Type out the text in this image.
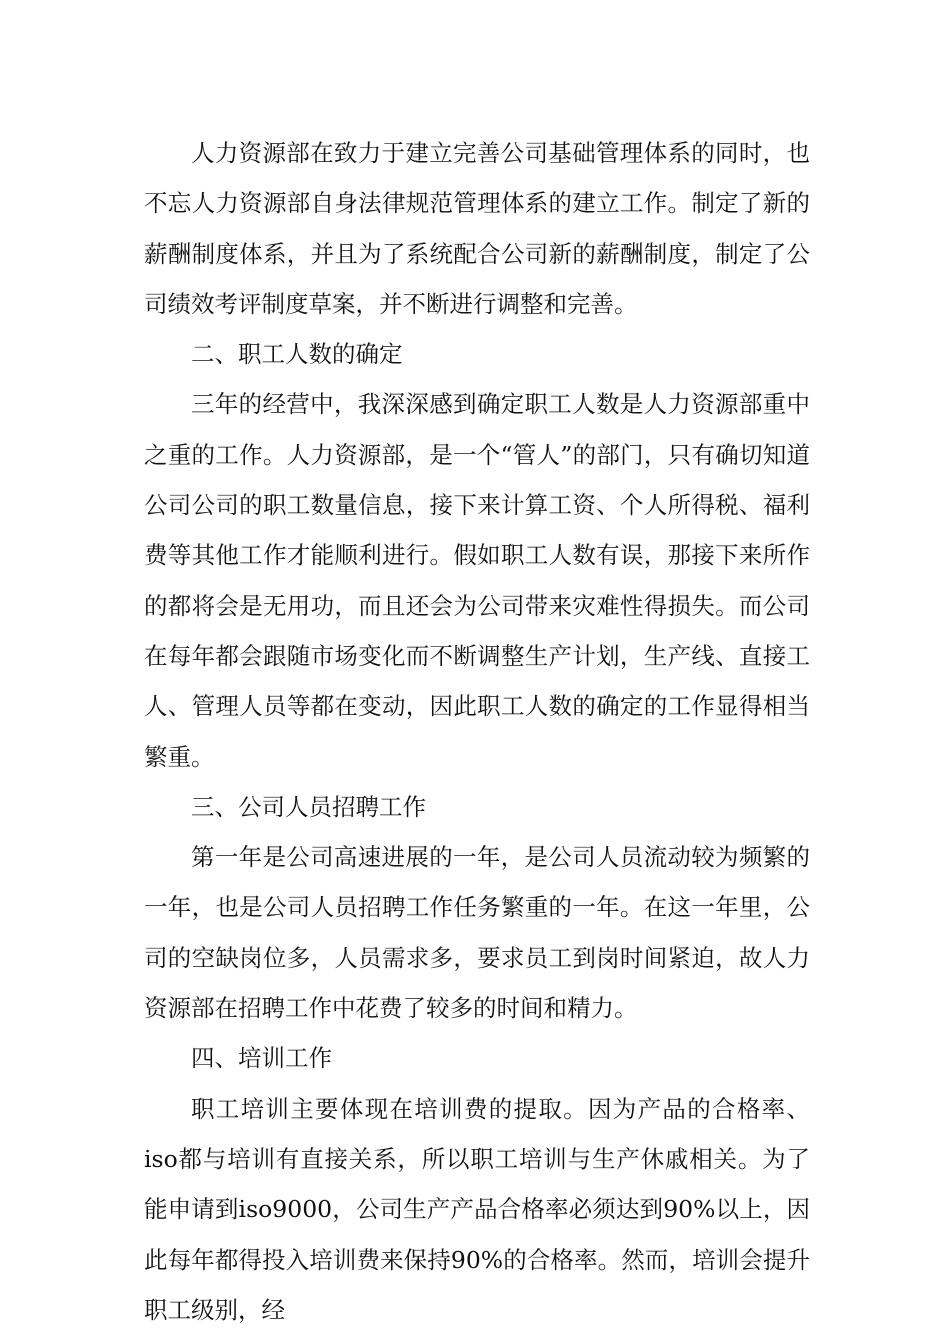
人力资源部在致力于建立完善公司基础管理体系的同时，也不忘人力资源部自身法律规范管理体系的建立工作。制定了新的薪酬制度体系，并且为了系统配合公司新的薪酬制度，制定了公司绩效考评制度草案，并不断进行调整和完善。

二、职工人数的确定

三年的经营中，我深深感到确定职工人数是人力资源部重中之重的工作。人力资源部，是一个“管人”的部门，只有确切知道公司公司的职工数量信息，接下来计算工资、个人所得税、福利费等其他工作才能顺利进行。假如职工人数有误，那接下来所作的都将会是无用功，而且还会为公司带来灾难性得损失。而公司在每年都会跟随市场变化而不断调整生产计划，生产线、直接工人、管理人员等都在变动，因此职工人数的确定的工作显得相当繁重。

三、公司人员招聘工作

第一年是公司高速进展的一年，是公司人员流动较为频繁的一年，也是公司人员招聘工作任务繁重的一年。在这一年里，公司的空缺岗位多，人员需求多，要求员工到岗时间紧迫，故人力资源部在招聘工作中花费了较多的时间和精力。

四、培训工作

职工培训主要体现在培训费的提取。因为产品的合格率、iso都与培训有直接关系，所以职工培训与生产休戚相关。为了能申请到iso9000，公司生产产品合格率必须达到90%以上，因此每年都得投入培训费来保持90%的合格率。然而，培训会提升职工级别，经
